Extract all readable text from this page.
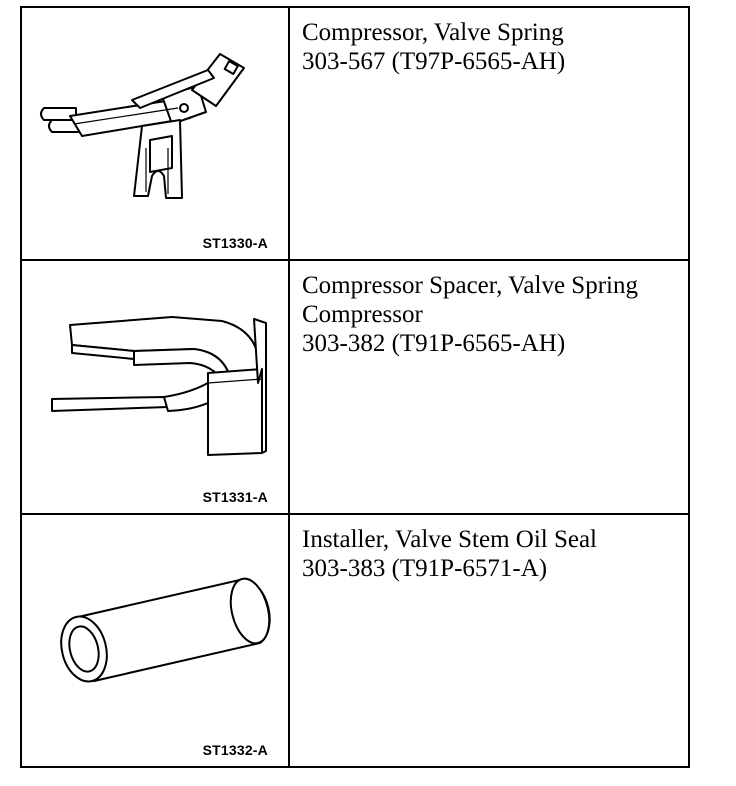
ST1330-A
Compressor, Valve Spring
303-567 (T97P-6565-AH)
ST1331-A
Compressor Spacer, Valve Spring
Compressor
303-382 (T91P-6565-AH)
ST1332-A
Installer, Valve Stem Oil Seal
303-383 (T91P-6571-A)
